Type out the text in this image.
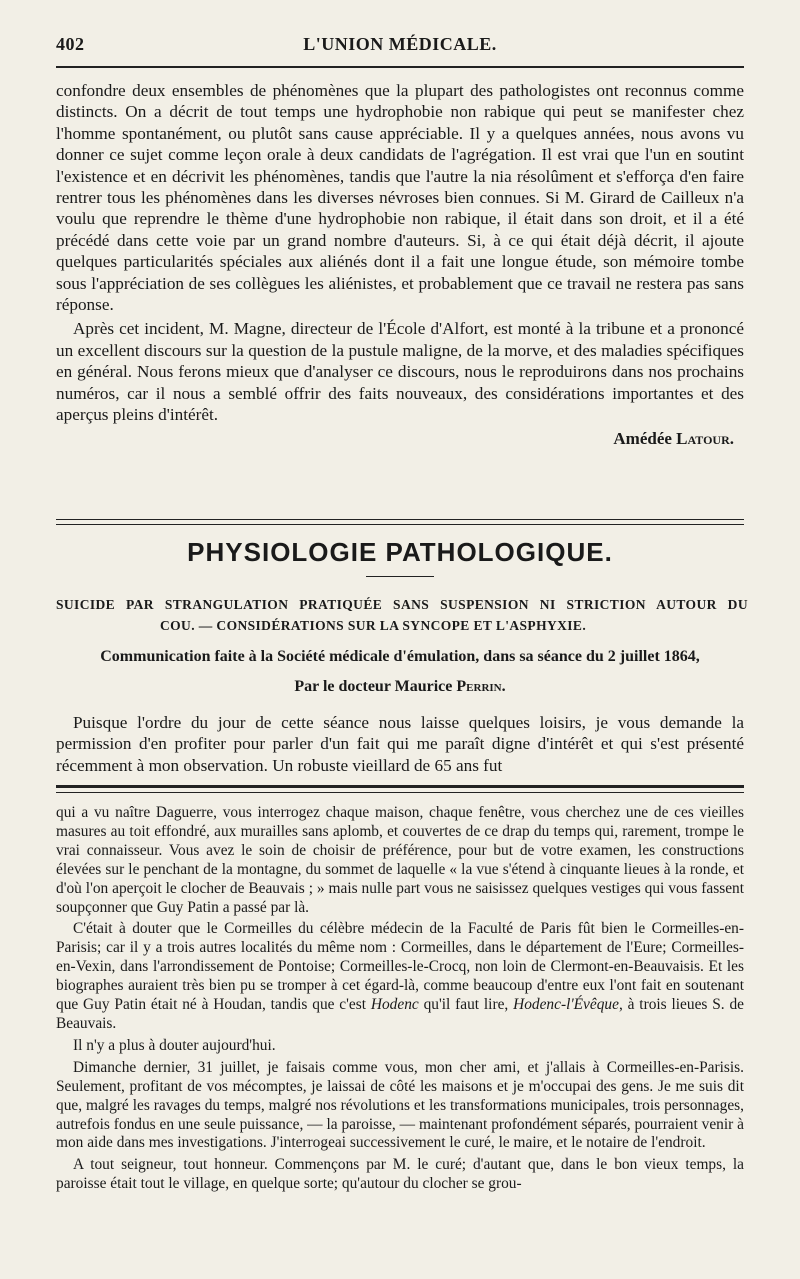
402	L'UNION MÉDICALE.

confondre deux ensembles de phénomènes que la plupart des pathologistes ont reconnus comme distincts. On a décrit de tout temps une hydrophobie non rabique qui peut se manifester chez l'homme spontanément, ou plutôt sans cause appréciable. Il y a quelques années, nous avons vu donner ce sujet comme leçon orale à deux candidats de l'agrégation. Il est vrai que l'un en soutint l'existence et en décrivit les phénomènes, tandis que l'autre la nia résolûment et s'efforça d'en faire rentrer tous les phénomènes dans les diverses névroses bien connues. Si M. Girard de Cailleux n'a voulu que reprendre le thème d'une hydrophobie non rabique, il était dans son droit, et il a été précédé dans cette voie par un grand nombre d'auteurs. Si, à ce qui était déjà décrit, il ajoute quelques particularités spéciales aux aliénés dont il a fait une longue étude, son mémoire tombe sous l'appréciation de ses collègues les aliénistes, et probablement que ce travail ne restera pas sans réponse.

Après cet incident, M. Magne, directeur de l'École d'Alfort, est monté à la tribune et a prononcé un excellent discours sur la question de la pustule maligne, de la morve, et des maladies spécifiques en général. Nous ferons mieux que d'analyser ce discours, nous le reproduirons dans nos prochains numéros, car il nous a semblé offrir des faits nouveaux, des considérations importantes et des aperçus pleins d'intérêt.

Amédée Latour.
PHYSIOLOGIE PATHOLOGIQUE.
SUICIDE PAR STRANGULATION PRATIQUÉE SANS SUSPENSION NI STRICTION AUTOUR DU
COU. — CONSIDÉRATIONS SUR LA SYNCOPE ET L'ASPHYXIE.
Communication faite à la Société médicale d'émulation, dans sa séance du 2 juillet 1864,
Par le docteur Maurice Perrin.

Puisque l'ordre du jour de cette séance nous laisse quelques loisirs, je vous demande la permission d'en profiter pour parler d'un fait qui me paraît digne d'intérêt et qui s'est présenté récemment à mon observation. Un robuste vieillard de 65 ans fut

qui a vu naître Daguerre, vous interrogez chaque maison, chaque fenêtre, vous cherchez une de ces vieilles masures au toit effondré, aux murailles sans aplomb, et couvertes de ce drap du temps qui, rarement, trompe le vrai connaisseur. Vous avez le soin de choisir de préférence, pour but de votre examen, les constructions élevées sur le penchant de la montagne, du sommet de laquelle « la vue s'étend à cinquante lieues à la ronde, et d'où l'on aperçoit le clocher de Beauvais ; » mais nulle part vous ne saisissez quelques vestiges qui vous fassent soupçonner que Guy Patin a passé par là.

C'était à douter que le Cormeilles du célèbre médecin de la Faculté de Paris fût bien le Cormeilles-en-Parisis; car il y a trois autres localités du même nom : Cormeilles, dans le département de l'Eure; Cormeilles-en-Vexin, dans l'arrondissement de Pontoise; Cormeilles-le-Crocq, non loin de Clermont-en-Beauvaisis. Et les biographes auraient très bien pu se tromper à cet égard-là, comme beaucoup d'entre eux l'ont fait en soutenant que Guy Patin était né à Houdan, tandis que c'est Hodenc qu'il faut lire, Hodenc-l'Évêque, à trois lieues S. de Beauvais.

Il n'y a plus à douter aujourd'hui.

Dimanche dernier, 31 juillet, je faisais comme vous, mon cher ami, et j'allais à Cormeilles-en-Parisis. Seulement, profitant de vos mécomptes, je laissai de côté les maisons et je m'occupai des gens. Je me suis dit que, malgré les ravages du temps, malgré nos révolutions et les transformations municipales, trois personnages, autrefois fondus en une seule puissance, — la paroisse, — maintenant profondément séparés, pourraient venir à mon aide dans mes investigations. J'interrogeai successivement le curé, le maire, et le notaire de l'endroit.

A tout seigneur, tout honneur. Commençons par M. le curé; d'autant que, dans le bon vieux temps, la paroisse était tout le village, en quelque sorte; qu'autour du clocher se grou-
